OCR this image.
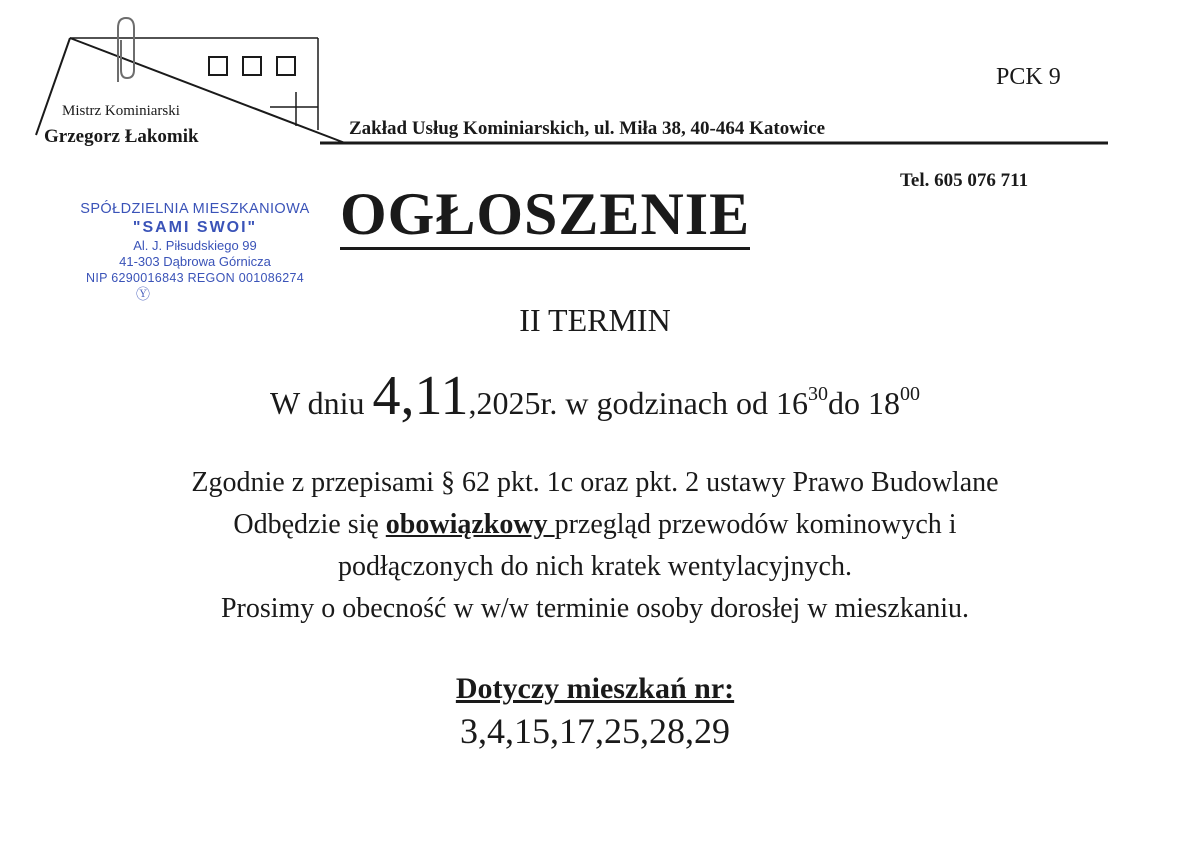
Mistrz Kominiarski
Grzegorz Łakomik	Zakład Usług Kominiarskich, ul. Miła 38, 40-464 Katowice
PCK 9
Tel. 605 076 711
SPÓŁDZIELNIA MIESZKANIOWA
"SAMI SWOI"
Al. J. Piłsudskiego 99
41-303 Dąbrowa Górnicza
NIP 6290016843 REGON 001086274
Ⓨ
OGŁOSZENIE
II TERMIN
W dniu 4,11,2025r. w godzinach od $16^{30}do$ $18^{00}$
Zgodnie z przepisami § 62 pkt. 1c oraz pkt. 2 ustawy Prawo Budowlane
Odbędzie się obowiązkowy przegląd przewodów kominowych i
podłączonych do nich kratek wentylacyjnych.
Prosimy o obecność w w/w terminie osoby dorosłej w mieszkaniu.
Dotyczy mieszkań nr:
3,4,15,17,25,28,29
